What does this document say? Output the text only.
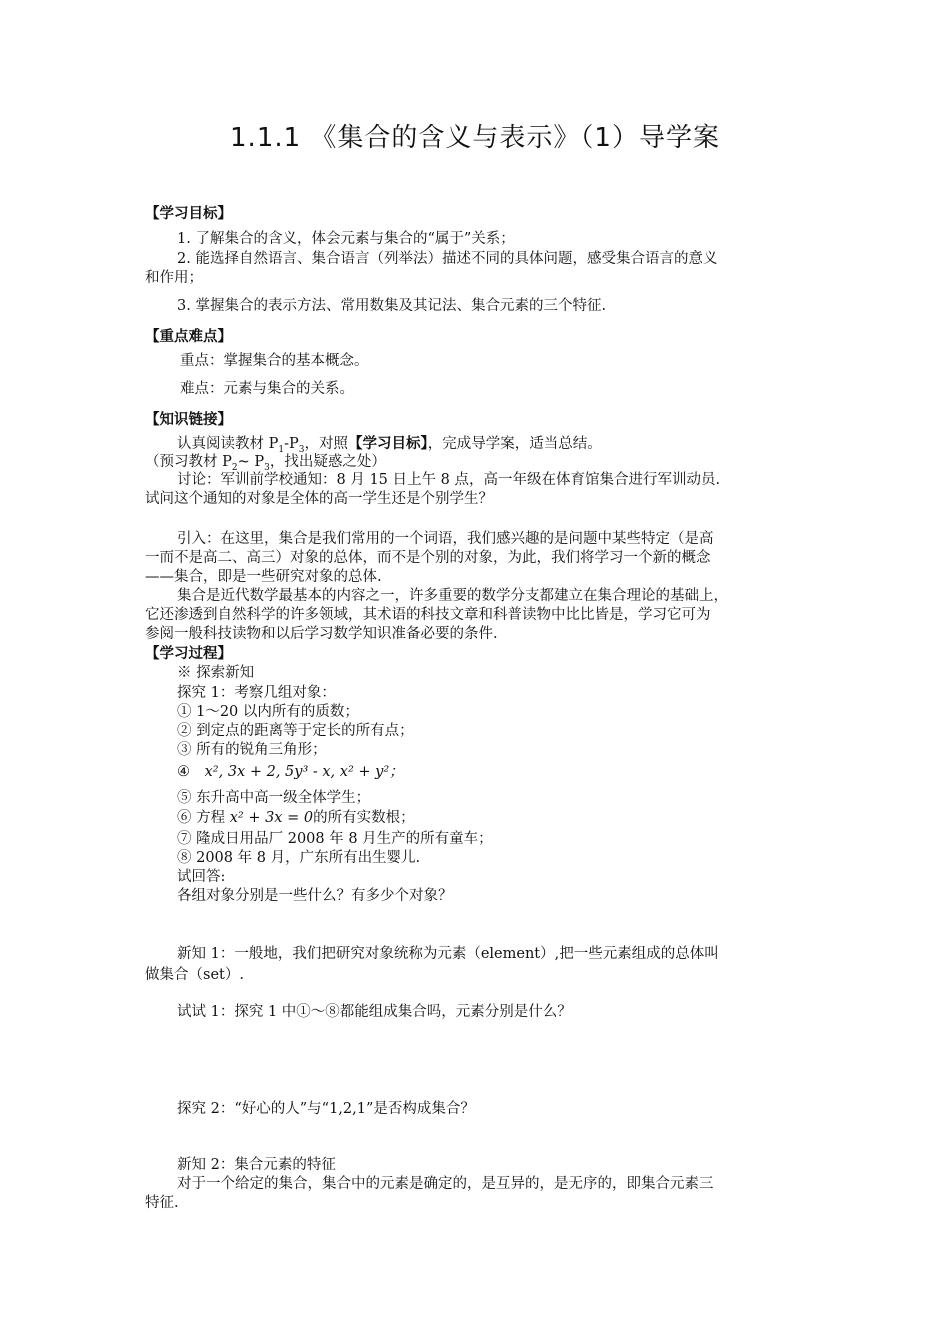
1.1.1 《集合的含义与表示》（1）导学案
【学习目标】
1. 了解集合的含义，体会元素与集合的“属于”关系；
2. 能选择自然语言、集合语言（列举法）描述不同的具体问题，感受集合语言的意义
和作用；
3. 掌握集合的表示方法、常用数集及其记法、集合元素的三个特征.
【重点难点】
重点：掌握集合的基本概念。
难点：元素与集合的关系。
【知识链接】
认真阅读教材 $P_1-P_3$，对照【学习目标】，完成导学案，适当总结。
（预习教材 $P_2\sim$ $P_3$，找出疑惑之处）
讨论：军训前学校通知：8 月 15 日上午 8 点，高一年级在体育馆集合进行军训动员.
试问这个通知的对象是全体的高一学生还是个别学生？
引入：在这里，集合是我们常用的一个词语，我们感兴趣的是问题中某些特定（是高
一而不是高二、高三）对象的总体，而不是个别的对象，为此，我们将学习一个新的概念
——集合，即是一些研究对象的总体.
集合是近代数学最基本的内容之一，许多重要的数学分支都建立在集合理论的基础上，
它还渗透到自然科学的许多领域，其术语的科技文章和科普读物中比比皆是，学习它可为
参阅一般科技读物和以后学习数学知识准备必要的条件.
【学习过程】
※ 探索新知
探究 1：考察几组对象：
① 1～20 以内所有的质数；
② 到定点的距离等于定长的所有点；
③ 所有的锐角三角形；
④ x², 3x + 2, 5y³ - x, x² + y²；
⑤ 东升高中高一级全体学生；
⑥ 方程 x² + 3x = 0的所有实数根；
⑦ 隆成日用品厂 2008 年 8 月生产的所有童车；
⑧ 2008 年 8 月，广东所有出生婴儿.
试回答:
各组对象分别是一些什么？有多少个对象？
新知 1：一般地，我们把研究对象统称为元素（element）,把一些元素组成的总体叫
做集合（set）.
试试 1：探究 1 中①～⑧都能组成集合吗，元素分别是什么？
探究 2：“好心的人”与“1,2,1”是否构成集合？
新知 2：集合元素的特征
对于一个给定的集合，集合中的元素是确定的，是互异的，是无序的，即集合元素三
特征.
